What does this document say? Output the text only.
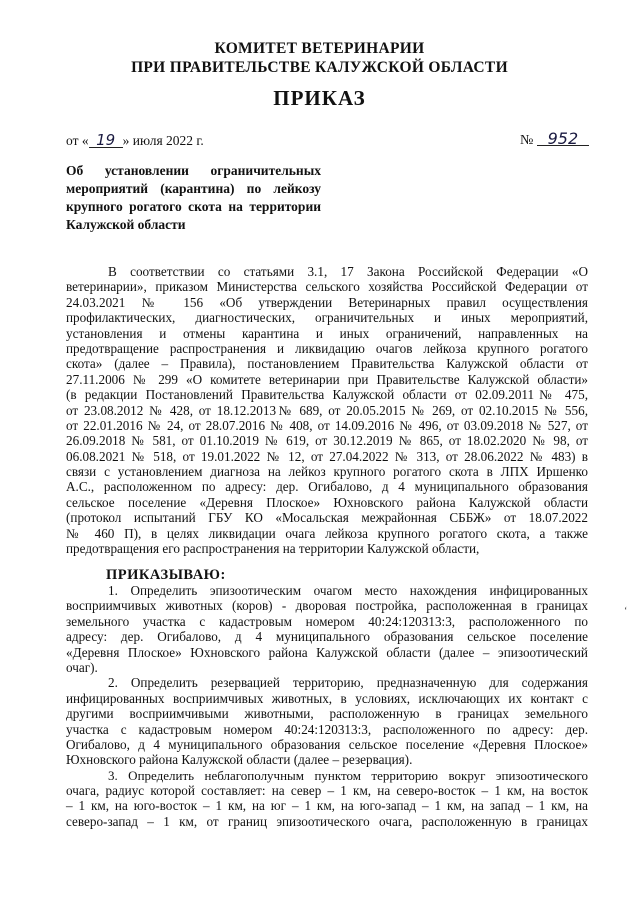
КОМИТЕТ ВЕТЕРИНАРИИ
ПРИ ПРАВИТЕЛЬСТВЕ КАЛУЖСКОЙ ОБЛАСТИ
ПРИКАЗ
от « 19 » июля 2022 г.	№ 952
Об установлении ограничительных
мероприятий (карантина) по лейкозу
крупного рогатого скота на территории
Калужской области
В соответствии со статьями 3.1, 17 Закона Российской Федерации «О
ветеринарии», приказом Министерства сельского хозяйства Российской Федерации от
24.03.2021 № 156 «Об утверждении Ветеринарных правил осуществления
профилактических, диагностических, ограничительных и иных мероприятий,
установления и отмены карантина и иных ограничений, направленных на
предотвращение распространения и ликвидацию очагов лейкоза крупного рогатого
скота» (далее – Правила), постановлением Правительства Калужской области от
27.11.2006 № 299 «О комитете ветеринарии при Правительстве Калужской области»
(в редакции Постановлений Правительства Калужской области от 02.09.2011№ 475,
от 23.08.2012 № 428, от 18.12.2013№ 689, от 20.05.2015 № 269, от 02.10.2015 № 556,
от 22.01.2016 № 24, от 28.07.2016 № 408, от 14.09.2016 № 496, от 03.09.2018 № 527, от
26.09.2018 № 581, от 01.10.2019 № 619, от 30.12.2019 № 865, от 18.02.2020 № 98, от
06.08.2021 № 518, от 19.01.2022 № 12, от 27.04.2022 № 313, от 28.06.2022 № 483) в
связи с установлением диагноза на лейкоз крупного рогатого скота в ЛПХ Иршенко
А.С., расположенном по адресу: дер. Огибалово, д 4 муниципального образования
сельское поселение «Деревня Плоское» Юхновского района Калужской области
(протокол испытаний ГБУ КО «Мосальская межрайонная СББЖ» от 18.07.2022
№ 460 П), в целях ликвидации очага лейкоза крупного рогатого скота, а также
предотвращения его распространения на территории Калужской области,
ПРИКАЗЫВАЮ:
1. Определить эпизоотическим очагом место нахождения инфицированных
восприимчивых животных (коров) - дворовая постройка, расположенная в границах
земельного участка с кадастровым номером 40:24:120313:3, расположенного по
адресу: дер. Огибалово, д 4 муниципального образования сельское поселение
«Деревня Плоское» Юхновского района Калужской области (далее – эпизоотический
очаг).
2. Определить резервацией территорию, предназначенную для содержания
инфицированных восприимчивых животных, в условиях, исключающих их контакт с
другими восприимчивыми животными, расположенную в границах земельного
участка с кадастровым номером 40:24:120313:3, расположенного по адресу: дер.
Огибалово, д 4 муниципального образования сельское поселение «Деревня Плоское»
Юхновского района Калужской области (далее – резервация).
3. Определить неблагополучным пунктом территорию вокруг эпизоотического
очага, радиус которой составляет: на север – 1 км, на северо-восток – 1 км, на восток
– 1 км, на юго-восток – 1 км, на юг – 1 км, на юго-запад – 1 км, на запад – 1 км, на
северо-запад – 1 км, от границ эпизоотического очага, расположенную в границах
‘
